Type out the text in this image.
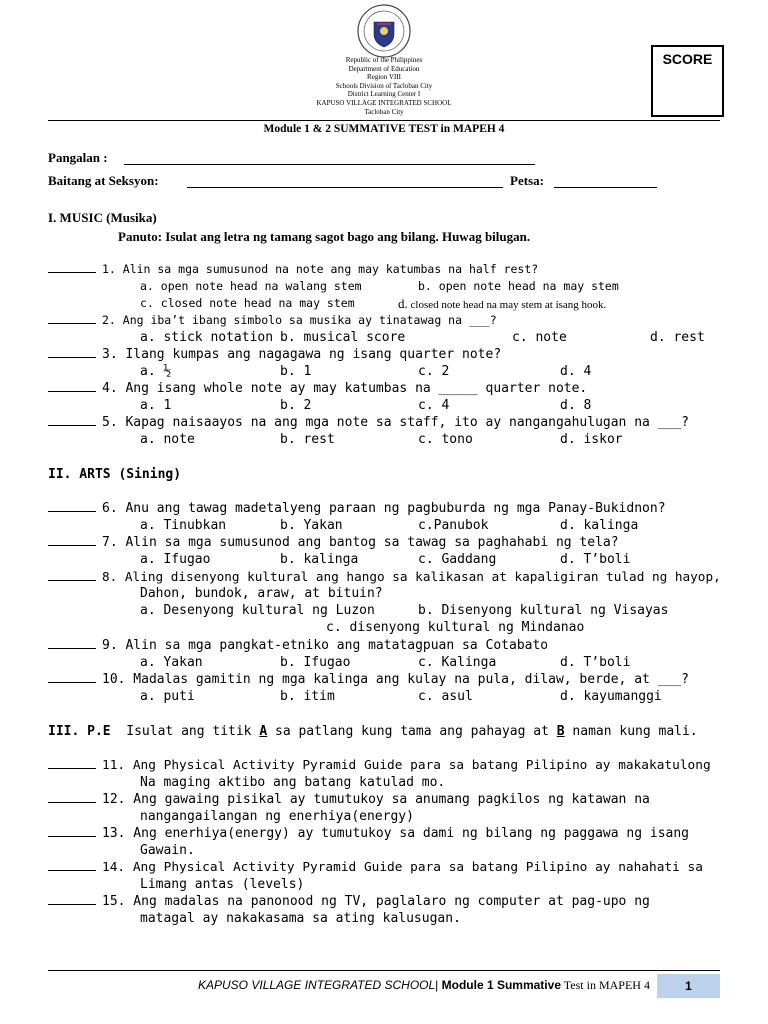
Republic of the Philippines
Department of Education
Region VIII
Schools Division of Tacloban City
District Learning Center I
KAPUSO VILLAGE INTEGRATED SCHOOL
Tacloban City
SCORE
Module 1 & 2 SUMMATIVE TEST in MAPEH 4
Pangalan :
Baitang at Seksyon:	Petsa:
I. MUSIC (Musika)
Panuto: Isulat ang letra ng tamang sagot bago ang bilang. Huwag bilugan.
1. Alin sa mga sumusunod na note ang may katumbas na half rest?
a. open note head na walang stem	b. open note head na may stem
c. closed note head na may stem	d. closed note head na may stem at isang hook.
2. Ang iba’t ibang simbolo sa musika ay tinatawag na ___?
a. stick notation b. musical score	c. note	d. rest
3. Ilang kumpas ang nagagawa ng isang quarter note?
a. ½	b. 1	c. 2	d. 4
4. Ang isang whole note ay may katumbas na _____ quarter note.
a. 1	b. 2	c. 4	d. 8
5. Kapag naisaayos na ang mga note sa staff, ito ay nangangahulugan na ___?
a. note	b. rest	c. tono	d. iskor
II. ARTS (Sining)
6. Anu ang tawag madetalyeng paraan ng pagbuburda ng mga Panay-Bukidnon?
a. Tinubkan	b. Yakan	c.Panubok	d. kalinga
7. Alin sa mga sumusunod ang bantog sa tawag sa paghahabi ng tela?
a. Ifugao	b. kalinga	c. Gaddang	d. T’boli
8. Aling disenyong kultural ang hango sa kalikasan at kapaligiran tulad ng hayop,
Dahon, bundok, araw, at bituin?
a. Desenyong kultural ng Luzon	b. Disenyong kultural ng Visayas
c. disenyong kultural ng Mindanao
9. Alin sa mga pangkat-etniko ang matatagpuan sa Cotabato
a. Yakan	b. Ifugao	c. Kalinga	d. T’boli
10. Madalas gamitin ng mga kalinga ang kulay na pula, dilaw, berde, at ___?
a. puti	b. itim	c. asul	d. kayumanggi
III. P.E Isulat ang titik A sa patlang kung tama ang pahayag at B naman kung mali.
11. Ang Physical Activity Pyramid Guide para sa batang Pilipino ay makakatulong
Na maging aktibo ang batang katulad mo.
12. Ang gawaing pisikal ay tumutukoy sa anumang pagkilos ng katawan na
nangangailangan ng enerhiya(energy)
13. Ang enerhiya(energy) ay tumutukoy sa dami ng bilang ng paggawa ng isang
Gawain.
14. Ang Physical Activity Pyramid Guide para sa batang Pilipino ay nahahati sa
Limang antas (levels)
15. Ang madalas na panonood ng TV, paglalaro ng computer at pag-upo ng
matagal ay nakakasama sa ating kalusugan.
KAPUSO VILLAGE INTEGRATED SCHOOL| Module 1 Summative Test in MAPEH 4	1
